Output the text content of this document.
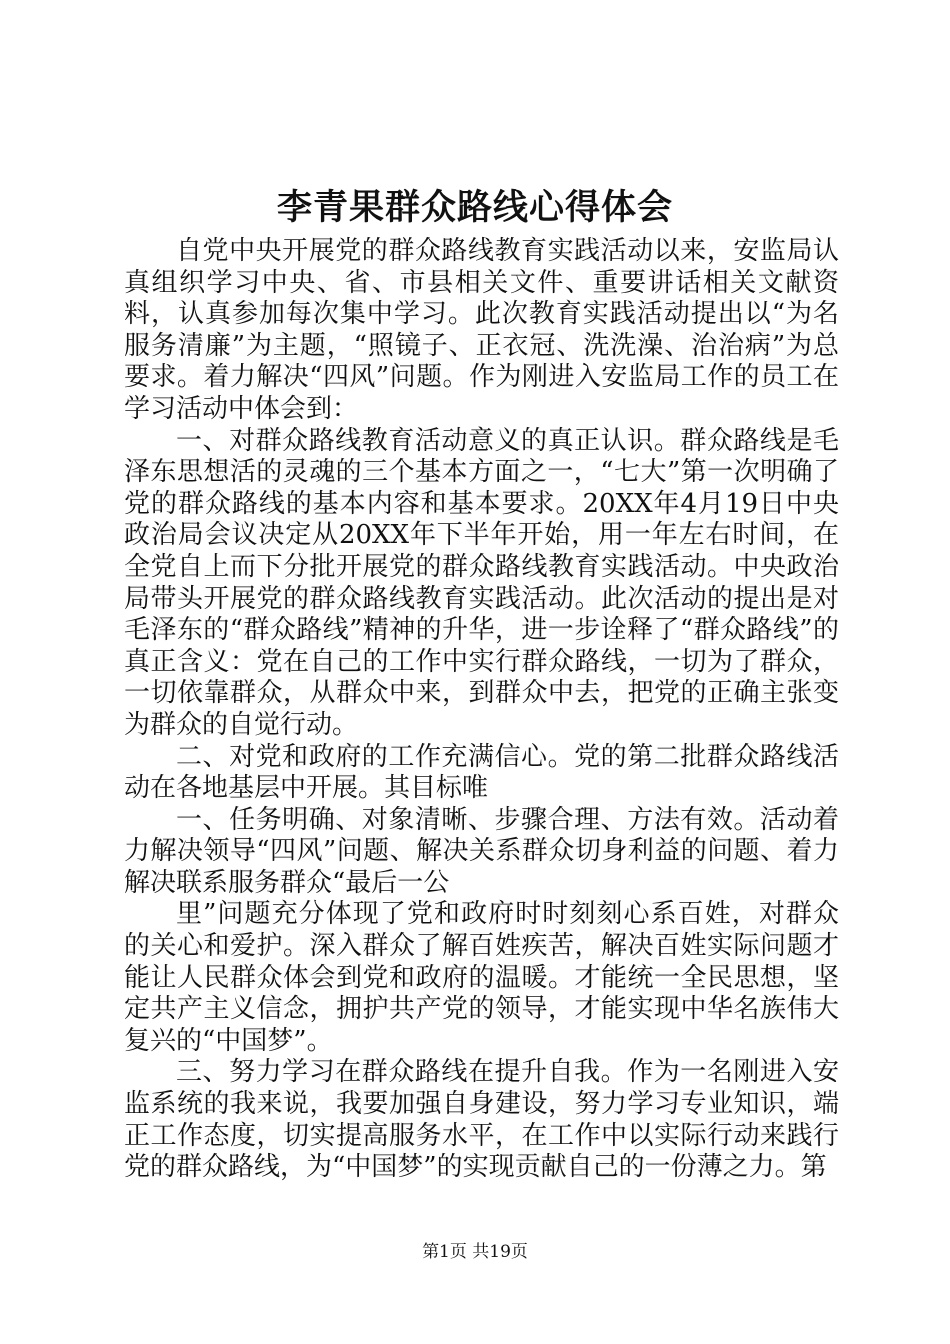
李青果群众路线心得体会

自党中央开展党的群众路线教育实践活动以来，安监局认真组织学习中央、省、市县相关文件、重要讲话相关文献资料，认真参加每次集中学习。此次教育实践活动提出以“为名服务清廉”为主题，“照镜子、正衣冠、洗洗澡、治治病”为总要求。着力解决“四风”问题。作为刚进入安监局工作的员工在学习活动中体会到：

一、对群众路线教育活动意义的真正认识。群众路线是毛泽东思想活的灵魂的三个基本方面之一，“七大”第一次明确了党的群众路线的基本内容和基本要求。20XX年4月19日中央政治局会议决定从20XX年下半年开始，用一年左右时间，在全党自上而下分批开展党的群众路线教育实践活动。中央政治局带头开展党的群众路线教育实践活动。此次活动的提出是对毛泽东的“群众路线”精神的升华，进一步诠释了“群众路线”的真正含义：党在自己的工作中实行群众路线，一切为了群众，一切依靠群众，从群众中来，到群众中去，把党的正确主张变为群众的自觉行动。

二、对党和政府的工作充满信心。党的第二批群众路线活动在各地基层中开展。其目标唯

一、任务明确、对象清晰、步骤合理、方法有效。活动着力解决领导“四风”问题、解决关系群众切身利益的问题、着力解决联系服务群众“最后一公

里”问题充分体现了党和政府时时刻刻心系百姓，对群众的关心和爱护。深入群众了解百姓疾苦，解决百姓实际问题才能让人民群众体会到党和政府的温暖。才能统一全民思想，坚定共产主义信念，拥护共产党的领导，才能实现中华名族伟大复兴的“中国梦”。

三、努力学习在群众路线在提升自我。作为一名刚进入安监系统的我来说，我要加强自身建设，努力学习专业知识，端正工作态度，切实提高服务水平，在工作中以实际行动来践行党的群众路线，为“中国梦”的实现贡献自己的一份薄之力。第

第1页 共19页
